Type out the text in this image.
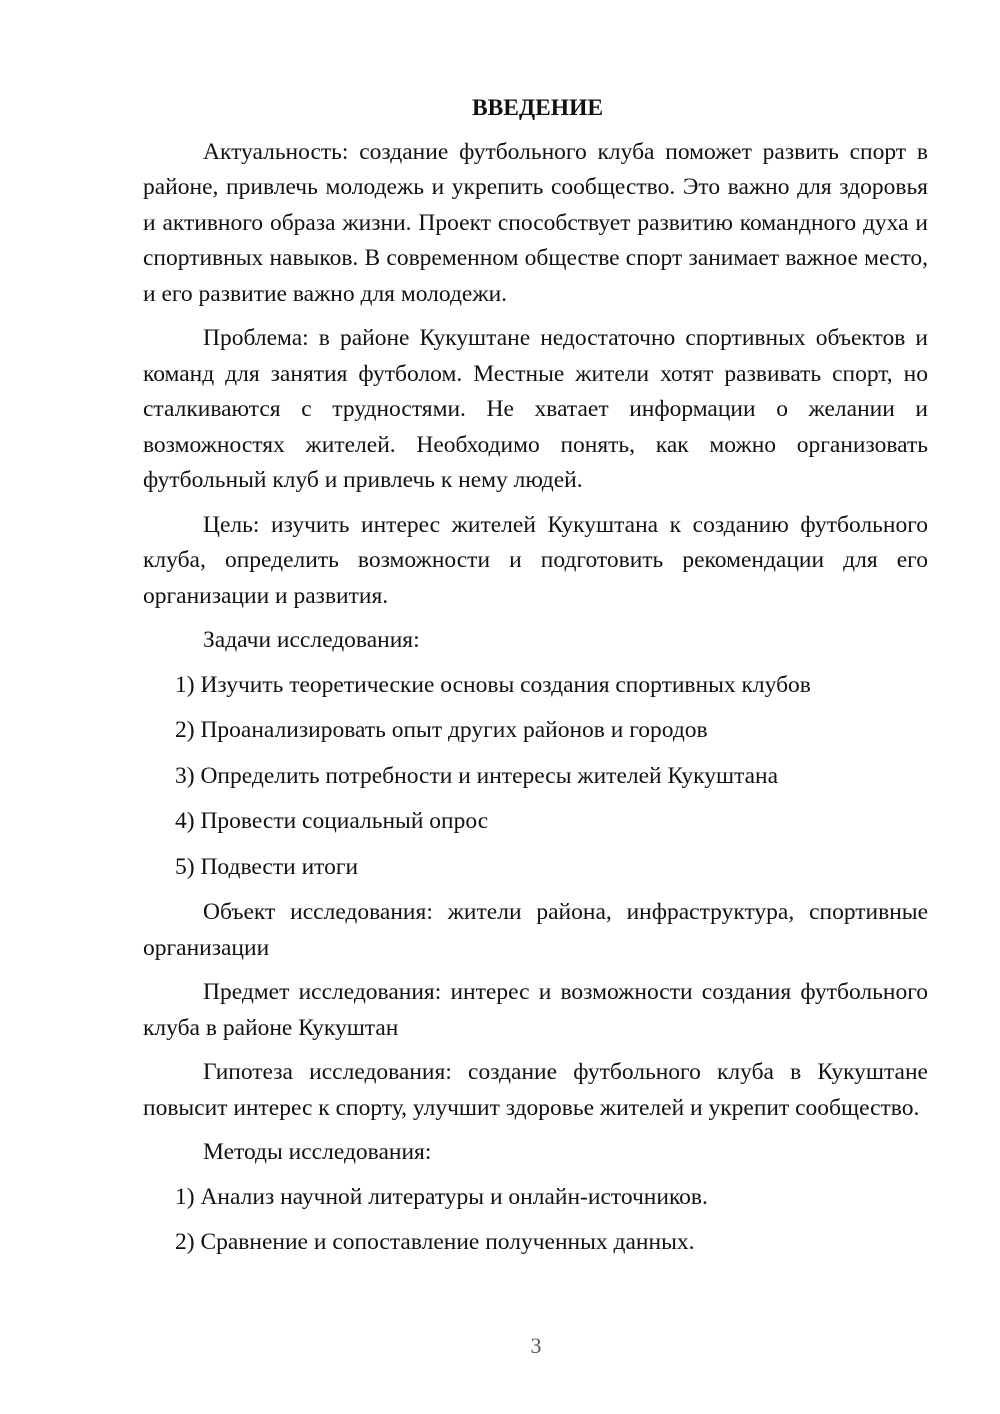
ВВЕДЕНИЕ

Актуальность: создание футбольного клуба поможет развить спорт в районе, привлечь молодежь и укрепить сообщество. Это важно для здоровья и активного образа жизни. Проект способствует развитию командного духа и спортивных навыков. В современном обществе спорт занимает важное место, и его развитие важно для молодежи.

Проблема: в районе Кукуштане недостаточно спортивных объектов и команд для занятия футболом. Местные жители хотят развивать спорт, но сталкиваются с трудностями. Не хватает информации о желании и возможностях жителей. Необходимо понять, как можно организовать футбольный клуб и привлечь к нему людей.

Цель: изучить интерес жителей Кукуштана к созданию футбольного клуба, определить возможности и подготовить рекомендации для его организации и развития.

Задачи исследования:

1) Изучить теоретические основы создания спортивных клубов
2) Проанализировать опыт других районов и городов
3) Определить потребности и интересы жителей Кукуштана
4) Провести социальный опрос
5) Подвести итоги

Объект исследования: жители района, инфраструктура, спортивные организации

Предмет исследования: интерес и возможности создания футбольного клуба в районе Кукуштан

Гипотеза исследования: создание футбольного клуба в Кукуштане повысит интерес к спорту, улучшит здоровье жителей и укрепит сообщество.

Методы исследования:

1) Анализ научной литературы и онлайн-источников.
2) Сравнение и сопоставление полученных данных.
3
